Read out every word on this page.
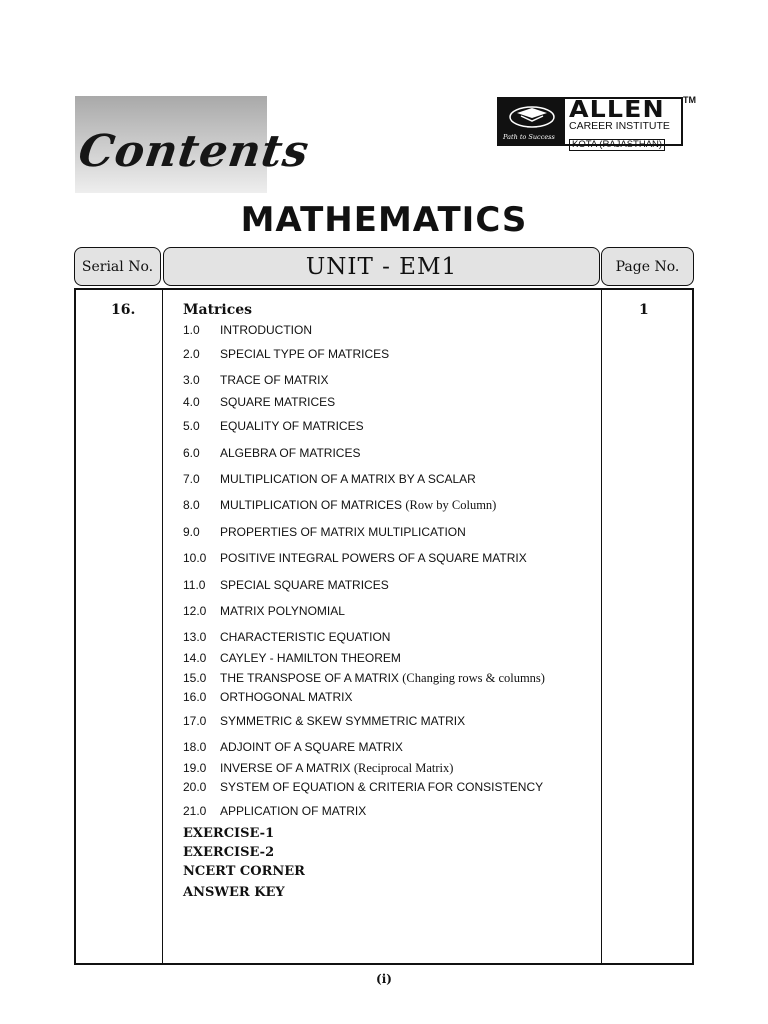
Contents	Path to Success
ALLEN
CAREER INSTITUTE
KOTA (RAJASTHAN)
TM
MATHEMATICS
Serial No.	UNIT - EM1	Page No.
16.	Matrices	1
1.0 INTRODUCTION
2.0 SPECIAL TYPE OF MATRICES
3.0 TRACE OF MATRIX
4.0 SQUARE MATRICES
5.0 EQUALITY OF MATRICES
6.0 ALGEBRA OF MATRICES
7.0 MULTIPLICATION OF A MATRIX BY A SCALAR
8.0 MULTIPLICATION OF MATRICES (Row by Column)
9.0 PROPERTIES OF MATRIX MULTIPLICATION
10.0 POSITIVE INTEGRAL POWERS OF A SQUARE MATRIX
11.0 SPECIAL SQUARE MATRICES
12.0 MATRIX POLYNOMIAL
13.0 CHARACTERISTIC EQUATION
14.0 CAYLEY - HAMILTON THEOREM
15.0 THE TRANSPOSE OF A MATRIX (Changing rows & columns)
16.0 ORTHOGONAL MATRIX
17.0 SYMMETRIC & SKEW SYMMETRIC MATRIX
18.0 ADJOINT OF A SQUARE MATRIX
19.0 INVERSE OF A MATRIX (Reciprocal Matrix)
20.0 SYSTEM OF EQUATION & CRITERIA FOR CONSISTENCY
21.0 APPLICATION OF MATRIX
EXERCISE-1
EXERCISE-2
NCERT CORNER
ANSWER KEY
(i)
